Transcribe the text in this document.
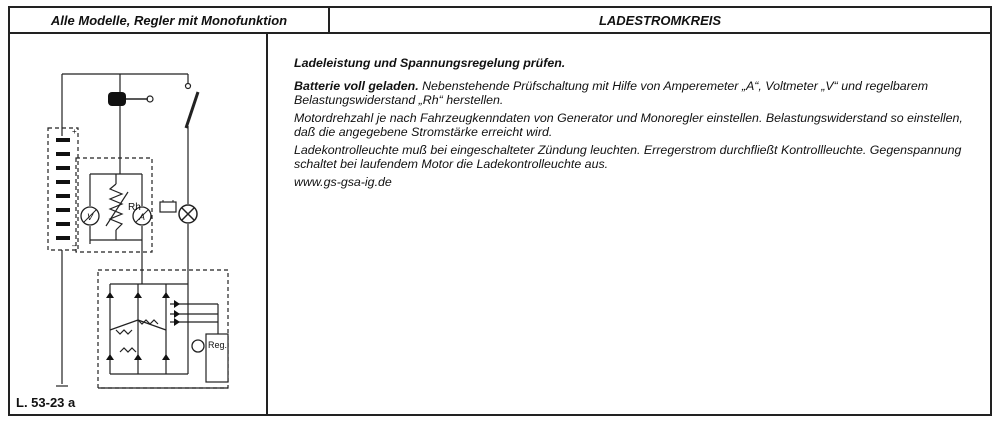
Alle Modelle, Regler mit Monofunktion	LADESTROMKREIS
Rh
V	A
Reg.
+
–
L. 53-23 a

Ladeleistung und Spannungsregelung prüfen.

Batterie voll geladen. Nebenstehende Prüfschaltung mit Hilfe von Amperemeter „A“, Voltmeter „V“ und regelbarem Belastungswiderstand „Rh“ herstellen.

Motordrehzahl je nach Fahrzeugkenndaten von Generator und Monoregler einstellen. Belastungswiderstand so einstellen, daß die angegebene Stromstärke erreicht wird.

Ladekontrolleuchte muß bei eingeschalteter Zündung leuchten. Erregerstrom durchfließt Kontrollleuchte. Gegenspannung schaltet bei laufendem Motor die Ladekontrolleuchte aus.

www.gs-gsa-ig.de
